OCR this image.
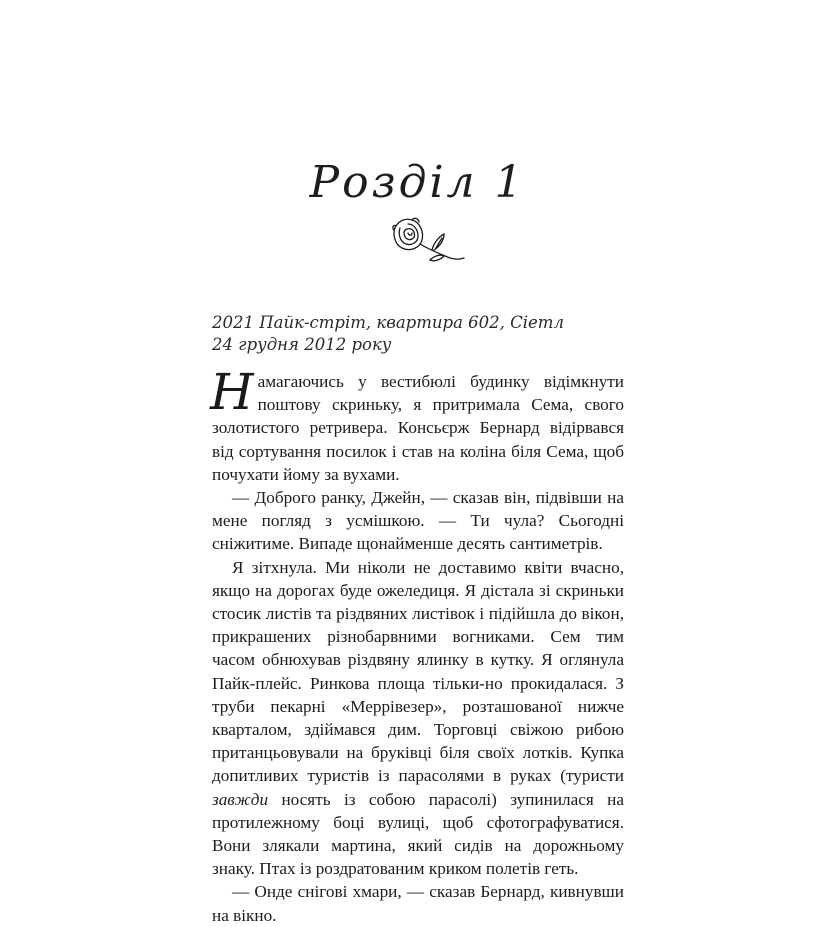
Розділ 1
2021 Пайк-стріт, квартира 602, Сіетл
24 грудня 2012 року

Намагаючись у вестибюлі будинку відімкнути поштову скриньку, я притримала Сема, свого золотистого ретривера. Консьєрж Бернард відірвався від сортування посилок і став на коліна біля Сема, щоб почухати йому за вухами.

— Доброго ранку, Джейн, — сказав він, підвівши на мене погляд з усмішкою. — Ти чула? Сьогодні сніжитиме. Випаде щонайменше десять сантиметрів.

Я зітхнула. Ми ніколи не доставимо квіти вчасно, якщо на дорогах буде ожеледиця. Я дістала зі скриньки стосик листів та різдвяних листівок і підійшла до вікон, прикрашених різнобарвними вогниками. Сем тим часом обнюхував різдвяну ялинку в кутку. Я оглянула Пайк-плейс. Ринкова площа тільки-но прокидалася. З труби пекарні «Меррівезер», розташованої нижче кварталом, здіймався дим. Торговці свіжою рибою пританцьовували на бруківці біля своїх лотків. Купка допитливих туристів із парасолями в руках (туристи завжди носять із собою парасолі) зупинилася на протилежному боці вулиці, щоб сфотографуватися. Вони злякали мартина, який сидів на дорожньому знаку. Птах із роздратованим криком полетів геть.

— Онде снігові хмари, — сказав Бернард, кивнувши на вікно.
